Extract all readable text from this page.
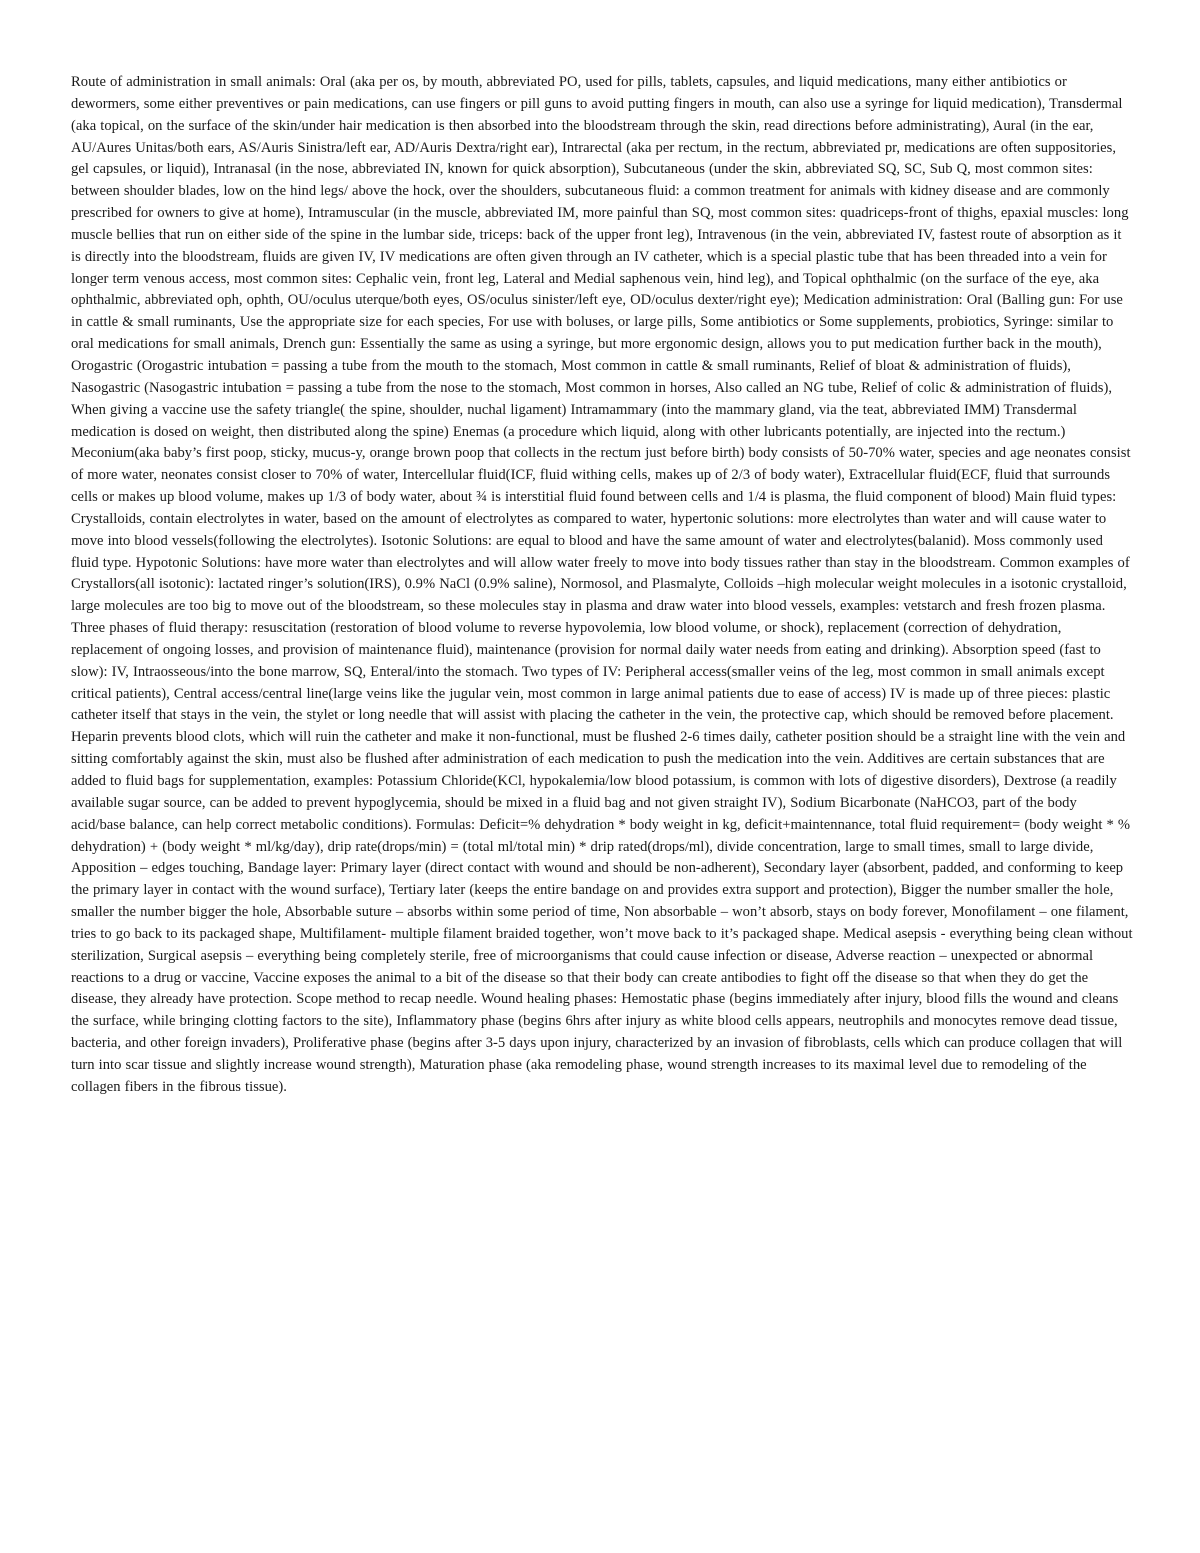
Route of administration in small animals: Oral (aka per os, by mouth, abbreviated PO, used for pills, tablets, capsules, and liquid medications, many either antibiotics or dewormers, some either preventives or pain medications, can use fingers or pill guns to avoid putting fingers in mouth, can also use a syringe for liquid medication), Transdermal (aka topical, on the surface of the skin/under hair medication is then absorbed into the bloodstream through the skin, read directions before administrating), Aural (in the ear, AU/Aures Unitas/both ears, AS/Auris Sinistra/left ear, AD/Auris Dextra/right ear), Intrarectal (aka per rectum, in the rectum, abbreviated pr, medications are often suppositories, gel capsules, or liquid), Intranasal (in the nose, abbreviated IN, known for quick absorption), Subcutaneous (under the skin, abbreviated SQ, SC, Sub Q, most common sites: between shoulder blades, low on the hind legs/ above the hock, over the shoulders, subcutaneous fluid: a common treatment for animals with kidney disease and are commonly prescribed for owners to give at home), Intramuscular (in the muscle, abbreviated IM, more painful than SQ, most common sites: quadriceps-front of thighs, epaxial muscles: long muscle bellies that run on either side of the spine in the lumbar side, triceps: back of the upper front leg), Intravenous (in the vein, abbreviated IV, fastest route of absorption as it is directly into the bloodstream, fluids are given IV, IV medications are often given through an IV catheter, which is a special plastic tube that has been threaded into a vein for longer term venous access, most common sites: Cephalic vein, front leg, Lateral and Medial saphenous vein, hind leg), and Topical ophthalmic (on the surface of the eye, aka ophthalmic, abbreviated oph, ophth, OU/oculus uterque/both eyes, OS/oculus sinister/left eye, OD/oculus dexter/right eye); Medication administration: Oral (Balling gun: For use in cattle & small ruminants, Use the appropriate size for each species, For use with boluses, or large pills, Some antibiotics or Some supplements, probiotics, Syringe: similar to oral medications for small animals, Drench gun: Essentially the same as using a syringe, but more ergonomic design, allows you to put medication further back in the mouth), Orogastric (Orogastric intubation = passing a tube from the mouth to the stomach, Most common in cattle & small ruminants, Relief of bloat & administration of fluids), Nasogastric (Nasogastric intubation = passing a tube from the nose to the stomach, Most common in horses, Also called an NG tube, Relief of colic & administration of fluids), When giving a vaccine use the safety triangle( the spine, shoulder, nuchal ligament) Intramammary (into the mammary gland, via the teat, abbreviated IMM) Transdermal medication is dosed on weight, then distributed along the spine) Enemas (a procedure which liquid, along with other lubricants potentially, are injected into the rectum.) Meconium(aka baby’s first poop, sticky, mucus-y, orange brown poop that collects in the rectum just before birth) body consists of 50-70% water, species and age neonates consist of more water, neonates consist closer to 70% of water, Intercellular fluid(ICF, fluid withing cells, makes up of 2/3 of body water), Extracellular fluid(ECF, fluid that surrounds cells or makes up blood volume, makes up 1/3 of body water, about ¾ is interstitial fluid found between cells and 1/4 is plasma, the fluid component of blood) Main fluid types: Crystalloids, contain electrolytes in water, based on the amount of electrolytes as compared to water, hypertonic solutions: more electrolytes than water and will cause water to move into blood vessels(following the electrolytes). Isotonic Solutions: are equal to blood and have the same amount of water and electrolytes(balanid). Moss commonly used fluid type. Hypotonic Solutions: have more water than electrolytes and will allow water freely to move into body tissues rather than stay in the bloodstream. Common examples of Crystallors(all isotonic): lactated ringer’s solution(IRS), 0.9% NaCl (0.9% saline), Normosol, and Plasmalyte, Colloids –high molecular weight molecules in a isotonic crystalloid, large molecules are too big to move out of the bloodstream, so these molecules stay in plasma and draw water into blood vessels, examples: vetstarch and fresh frozen plasma. Three phases of fluid therapy: resuscitation (restoration of blood volume to reverse hypovolemia, low blood volume, or shock), replacement (correction of dehydration, replacement of ongoing losses, and provision of maintenance fluid), maintenance (provision for normal daily water needs from eating and drinking). Absorption speed (fast to slow): IV, Intraosseous/into the bone marrow, SQ, Enteral/into the stomach. Two types of IV: Peripheral access(smaller veins of the leg, most common in small animals except critical patients), Central access/central line(large veins like the jugular vein, most common in large animal patients due to ease of access) IV is made up of three pieces: plastic catheter itself that stays in the vein, the stylet or long needle that will assist with placing the catheter in the vein, the protective cap, which should be removed before placement. Heparin prevents blood clots, which will ruin the catheter and make it non-functional, must be flushed 2-6 times daily, catheter position should be a straight line with the vein and sitting comfortably against the skin, must also be flushed after administration of each medication to push the medication into the vein. Additives are certain substances that are added to fluid bags for supplementation, examples: Potassium Chloride(KCl, hypokalemia/low blood potassium, is common with lots of digestive disorders), Dextrose (a readily available sugar source, can be added to prevent hypoglycemia, should be mixed in a fluid bag and not given straight IV), Sodium Bicarbonate (NaHCO3, part of the body acid/base balance, can help correct metabolic conditions). Formulas: Deficit=% dehydration * body weight in kg, deficit+maintennance, total fluid requirement= (body weight * % dehydration) + (body weight * ml/kg/day), drip rate(drops/min) = (total ml/total min) * drip rated(drops/ml), divide concentration, large to small times, small to large divide, Apposition – edges touching, Bandage layer: Primary layer (direct contact with wound and should be non-adherent), Secondary layer (absorbent, padded, and conforming to keep the primary layer in contact with the wound surface), Tertiary later (keeps the entire bandage on and provides extra support and protection), Bigger the number smaller the hole, smaller the number bigger the hole, Absorbable suture – absorbs within some period of time, Non absorbable – won’t absorb, stays on body forever, Monofilament – one filament, tries to go back to its packaged shape, Multifilament- multiple filament braided together, won’t move back to it’s packaged shape. Medical asepsis - everything being clean without sterilization, Surgical asepsis – everything being completely sterile, free of microorganisms that could cause infection or disease, Adverse reaction – unexpected or abnormal reactions to a drug or vaccine, Vaccine exposes the animal to a bit of the disease so that their body can create antibodies to fight off the disease so that when they do get the disease, they already have protection. Scope method to recap needle. Wound healing phases: Hemostatic phase (begins immediately after injury, blood fills the wound and cleans the surface, while bringing clotting factors to the site), Inflammatory phase (begins 6hrs after injury as white blood cells appears, neutrophils and monocytes remove dead tissue, bacteria, and other foreign invaders), Proliferative phase (begins after 3-5 days upon injury, characterized by an invasion of fibroblasts, cells which can produce collagen that will turn into scar tissue and slightly increase wound strength), Maturation phase (aka remodeling phase, wound strength increases to its maximal level due to remodeling of the collagen fibers in the fibrous tissue).
